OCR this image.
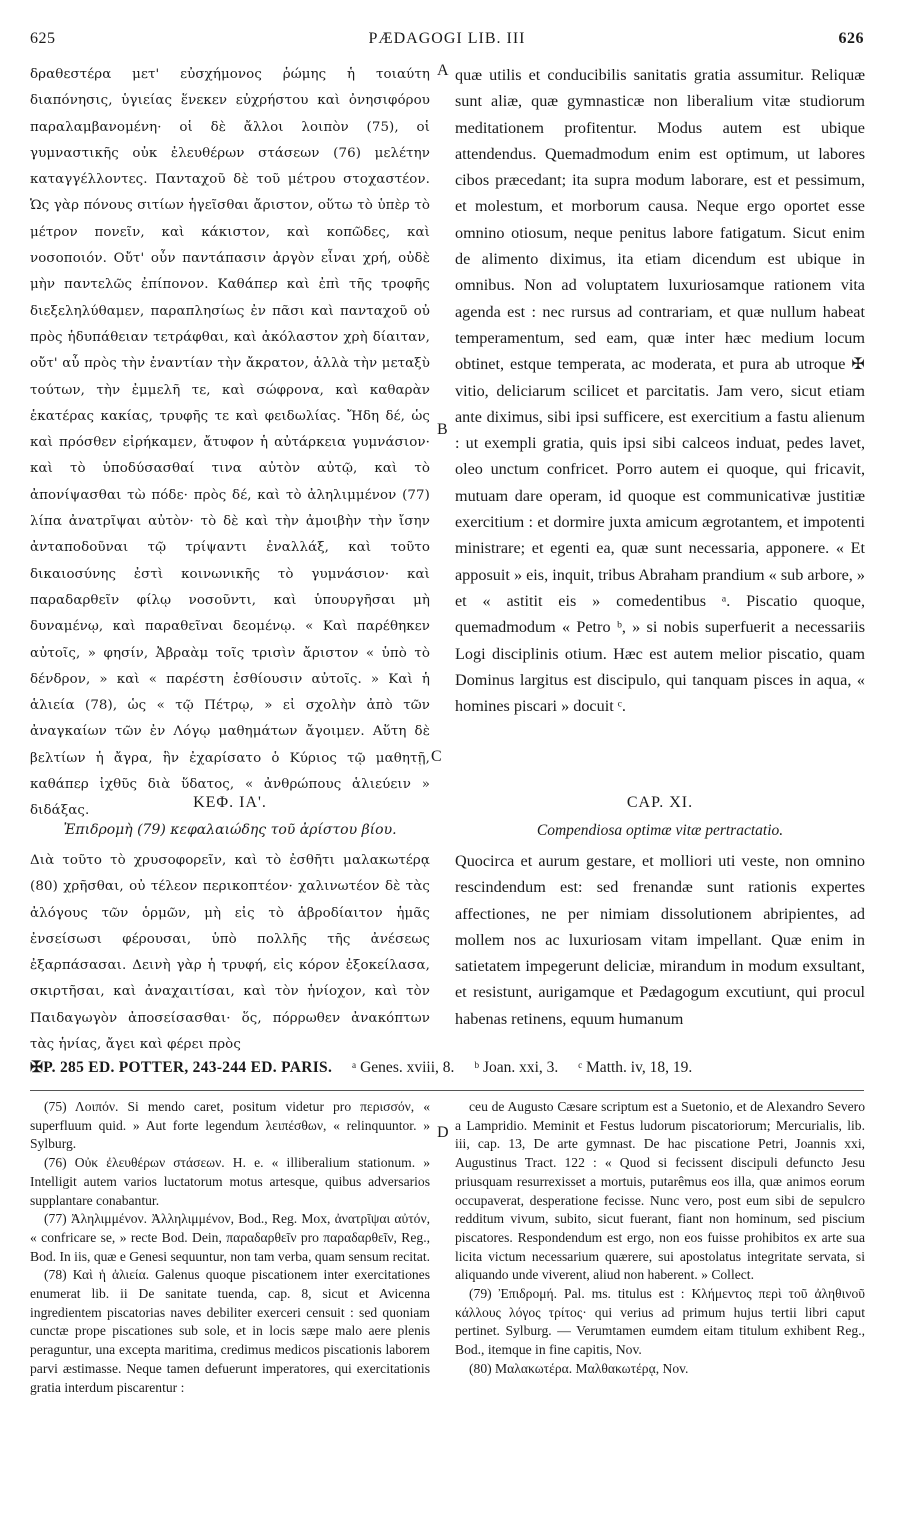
625	PÆDAGOGI LIB. III	626

δραθεστέρα μετ' εὐσχήμονος ῥώμης ἡ τοιαύτη διαπόνησις, ὑγιείας ἕνεκεν εὐχρήστου καὶ ὀνησιφόρου παραλαμβανομένη· οἱ δὲ ἄλλοι λοιπὸν (75), οἱ γυμναστικῆς οὐκ ἐλευθέρων στάσεων (76) μελέτην καταγγέλλοντες. Πανταχοῦ δὲ τοῦ μέτρου στοχαστέον. Ὡς γὰρ πόνους σιτίων ἡγεῖσθαι ἄριστον, οὕτω τὸ ὑπὲρ τὸ μέτρον πονεῖν, καὶ κάκιστον, καὶ κοπῶδες, καὶ νοσοποιόν. Οὔτ' οὖν παντάπασιν ἀργὸν εἶναι χρή, οὐδὲ μὴν παντελῶς ἐπίπονον. Καθάπερ καὶ ἐπὶ τῆς τροφῆς διεξεληλύθαμεν, παραπλησίως ἐν πᾶσι καὶ πανταχοῦ οὐ πρὸς ἡδυπάθειαν τετράφθαι, καὶ ἀκόλαστον χρὴ δίαιταν, οὔτ' αὖ πρὸς τὴν ἐναντίαν τὴν ἄκρατον, ἀλλὰ τὴν μεταξὺ τούτων, τὴν ἐμμελῆ τε, καὶ σώφρονα, καὶ καθαρὰν ἑκατέρας κακίας, τρυφῆς τε καὶ φειδωλίας. Ἤδη δέ, ὡς καὶ πρόσθεν εἰρήκαμεν, ἄτυφον ἡ αὐτάρκεια γυμνάσιον· καὶ τὸ ὑποδύσασθαί τινα αὐτὸν αὐτῷ, καὶ τὸ ἀπονίψασθαι τὼ πόδε· πρὸς δέ, καὶ τὸ ἀληλιμμένον (77) λίπα ἀνατρῖψαι αὐτὸν· τὸ δὲ καὶ τὴν ἀμοιβὴν τὴν ἴσην ἀνταποδοῦναι τῷ τρίψαντι ἐναλλάξ, καὶ τοῦτο δικαιοσύνης ἐστὶ κοινωνικῆς τὸ γυμνάσιον· καὶ παραδαρθεῖν φίλῳ νοσοῦντι, καὶ ὑπουργῆσαι μὴ δυναμένῳ, καὶ παραθεῖναι δεομένῳ. « Καὶ παρέθηκεν αὐτοῖς, » φησίν, Ἀβραὰμ τοῖς τρισὶν ἄριστον « ὑπὸ τὸ δένδρον, » καὶ « παρέστη ἐσθίουσιν αὐτοῖς. » Καὶ ἡ ἁλιεία (78), ὡς « τῷ Πέτρῳ, » εἰ σχολὴν ἀπὸ τῶν ἀναγκαίων τῶν ἐν Λόγῳ μαθημάτων ἄγοιμεν. Αὕτη δὲ βελτίων ἡ ἄγρα, ἣν ἐχαρίσατο ὁ Κύριος τῷ μαθητῇ, καθάπερ ἰχθῦς διὰ ὕδατος, « ἀνθρώπους ἁλιεύειν » διδάξας.

A
B

quæ utilis et conducibilis sanitatis gratia assumitur. Reliquæ sunt aliæ, quæ gymnasticæ non liberalium vitæ studiorum meditationem profitentur. Modus autem est ubique attendendus. Quemadmodum enim est optimum, ut labores cibos præcedant; ita supra modum laborare, est et pessimum, et molestum, et morborum causa. Neque ergo oportet esse omnino otiosum, neque penitus labore fatigatum. Sicut enim de alimento diximus, ita etiam dicendum est ubique in omnibus. Non ad voluptatem luxuriosamque rationem vita agenda est : nec rursus ad contrariam, et quæ nullum habeat temperamentum, sed eam, quæ inter hæc medium locum obtinet, estque temperata, ac moderata, et pura ab utroque ✠ vitio, deliciarum scilicet et parcitatis. Jam vero, sicut etiam ante diximus, sibi ipsi sufficere, est exercitium a fastu alienum : ut exempli gratia, quis ipsi sibi calceos induat, pedes lavet, oleo unctum confricet. Porro autem ei quoque, qui fricavit, mutuam dare operam, id quoque est communicativæ justitiæ exercitium : et dormire juxta amicum ægrotantem, et impotenti ministrare; et egenti ea, quæ sunt necessaria, apponere. « Et apposuit » eis, inquit, tribus Abraham prandium « sub arbore, » et « astitit eis » comedentibus ᵃ. Piscatio quoque, quemadmodum « Petro ᵇ, » si nobis superfuerit a necessariis Logi disciplinis otium. Hæc est autem melior piscatio, quam Dominus largitus est discipulo, qui tanquam pisces in aqua, « homines piscari » docuit ᶜ.

C
ΚΕΦ. ΙΑ'.
Ἐπιδρομὴ (79) κεφαλαιώδης τοῦ ἀρίστου βίου.
CAP. XI.
Compendiosa optimæ vitæ pertractatio.

Διὰ τοῦτο τὸ χρυσοφορεῖν, καὶ τὸ ἐσθῆτι μαλακωτέρᾳ (80) χρῆσθαι, οὐ τέλεον περικοπτέον· χαλινωτέον δὲ τὰς ἀλόγους τῶν ὁρμῶν, μὴ εἰς τὸ ἁβροδίαιτον ἡμᾶς ἐνσείσωσι φέρουσαι, ὑπὸ πολλῆς τῆς ἀνέσεως ἐξαρπάσασαι. Δεινὴ γὰρ ἡ τρυφή, εἰς κόρον ἐξοκείλασα, σκιρτῆσαι, καὶ ἀναχαιτίσαι, καὶ τὸν ἡνίοχον, καὶ τὸν Παιδαγωγὸν ἀποσείσασθαι· ὅς, πόρρωθεν ἀνακόπτων τὰς ἡνίας, ἄγει καὶ φέρει πρὸς

Quocirca et aurum gestare, et molliori uti veste, non omnino rescindendum est: sed frenandæ sunt rationis expertes affectiones, ne per nimiam dissolutionem abripientes, ad mollem nos ac luxuriosam vitam impellant. Quæ enim in satietatem impegerunt deliciæ, mirandum in modum exsultant, et resistunt, aurigamque et Pædagogum excutiunt, qui procul habenas retinens, equum humanum

✠P. 285 ED. POTTER, 243-244 ED. PARIS. ᵃ Genes. xviii, 8. ᵇ Joan. xxi, 3. ᶜ Matth. iv, 18, 19.

(75) Λοιπόν. Si mendo caret, positum videtur pro περισσόν, « superfluum quid. » Aut forte legendum λειπέσθων, « relinquuntor. » Sylburg.

(76) Οὐκ ἐλευθέρων στάσεων. H. e. « illiberalium stationum. » Intelligit autem varios luctatorum motus artesque, quibus adversarios supplantare conabantur.

(77) Ἀληλιμμένον. Ἀλληλιμμένον, Bod., Reg. Mox, ἀνατρῖψαι αὐτόν, « confricare se, » recte Bod. Dein, παραδαρθεῖν pro παραδαρθεῖν, Reg., Bod. In iis, quæ e Genesi sequuntur, non tam verba, quam sensum recitat.

(78) Καὶ ἡ ἁλιεία. Galenus quoque piscationem inter exercitationes enumerat lib. ii De sanitate tuenda, cap. 8, sicut et Avicenna ingredientem piscatorias naves debiliter exerceri censuit : sed quoniam cunctæ prope piscationes sub sole, et in locis sæpe malo aere plenis peraguntur, una excepta maritima, credimus medicos piscationis laborem parvi æstimasse. Neque tamen defuerunt imperatores, qui exercitationis gratia interdum piscarentur :

D

ceu de Augusto Cæsare scriptum est a Suetonio, et de Alexandro Severo a Lampridio. Meminit et Festus ludorum piscatoriorum; Mercurialis, lib. iii, cap. 13, De arte gymnast. De hac piscatione Petri, Joannis xxi, Augustinus Tract. 122 : « Quod si fecissent discipuli defuncto Jesu priusquam resurrexisset a mortuis, putarêmus eos illa, quæ animos eorum occupaverat, desperatione fecisse. Nunc vero, post eum sibi de sepulcro redditum vivum, subito, sicut fuerant, fiant non hominum, sed piscium piscatores. Respondendum est ergo, non eos fuisse prohibitos ex arte sua licita victum necessarium quærere, sui apostolatus integritate servata, si aliquando unde viverent, aliud non haberent. » Collect.

(79) Ἐπιδρομή. Pal. ms. titulus est : Κλήμεντος περὶ τοῦ ἀληθινοῦ κάλλους λόγος τρίτος· qui verius ad primum hujus tertii libri caput pertinet. Sylburg. — Verumtamen eumdem eitam titulum exhibent Reg., Bod., itemque in fine capitis, Nov.

(80) Μαλακωτέρα. Μαλθακωτέρᾳ, Nov.
